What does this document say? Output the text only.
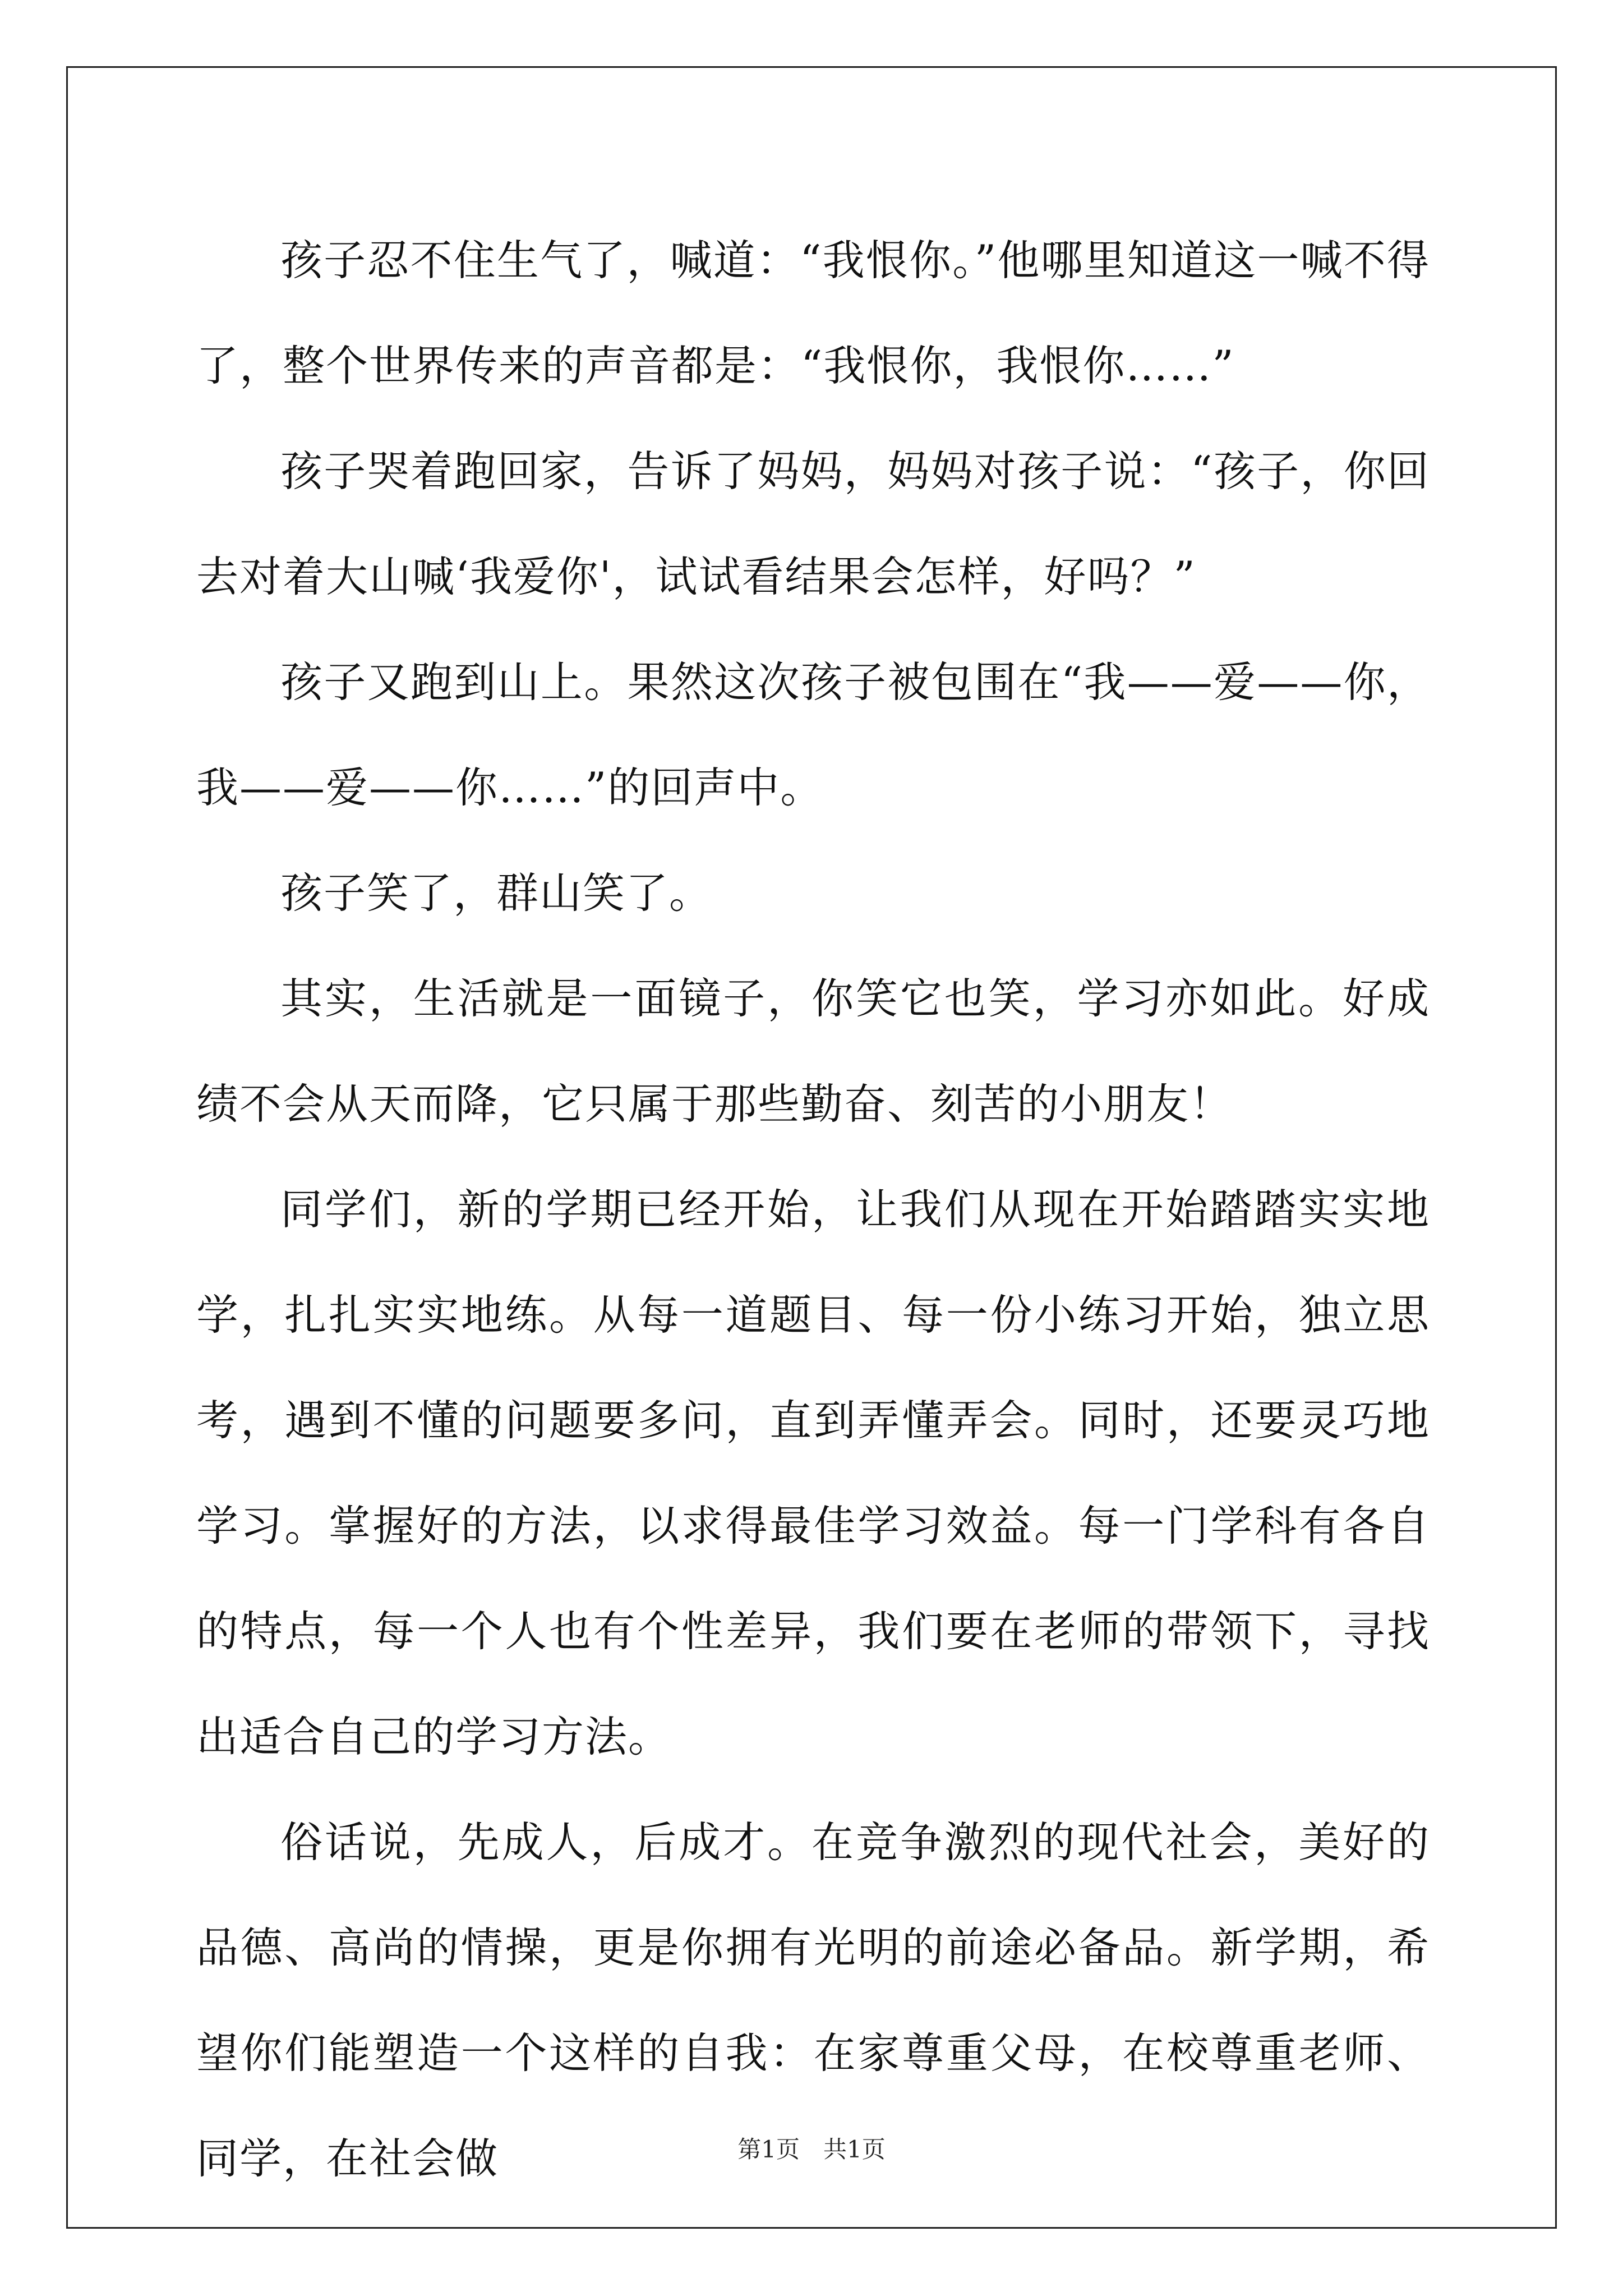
孩子忍不住生气了，喊道：“我恨你。”他哪里知道这一喊不得了，整个世界传来的声音都是：“我恨你，我恨你……”

孩子哭着跑回家，告诉了妈妈，妈妈对孩子说：“孩子，你回去对着大山喊‘我爱你'，试试看结果会怎样，好吗？”

孩子又跑到山上。果然这次孩子被包围在“我——爱——你，我——爱——你……”的回声中。

孩子笑了，群山笑了。

其实，生活就是一面镜子，你笑它也笑，学习亦如此。好成绩不会从天而降，它只属于那些勤奋、刻苦的小朋友！

同学们，新的学期已经开始，让我们从现在开始踏踏实实地学，扎扎实实地练。从每一道题目、每一份小练习开始，独立思考，遇到不懂的问题要多问，直到弄懂弄会。同时，还要灵巧地学习。掌握好的方法，以求得最佳学习效益。每一门学科有各自的特点，每一个人也有个性差异，我们要在老师的带领下，寻找出适合自己的学习方法。

俗话说，先成人，后成才。在竞争激烈的现代社会，美好的品德、高尚的情操，更是你拥有光明的前途必备品。新学期，希望你们能塑造一个这样的自我：在家尊重父母，在校尊重老师、同学，在社会做	第1页　共1页
